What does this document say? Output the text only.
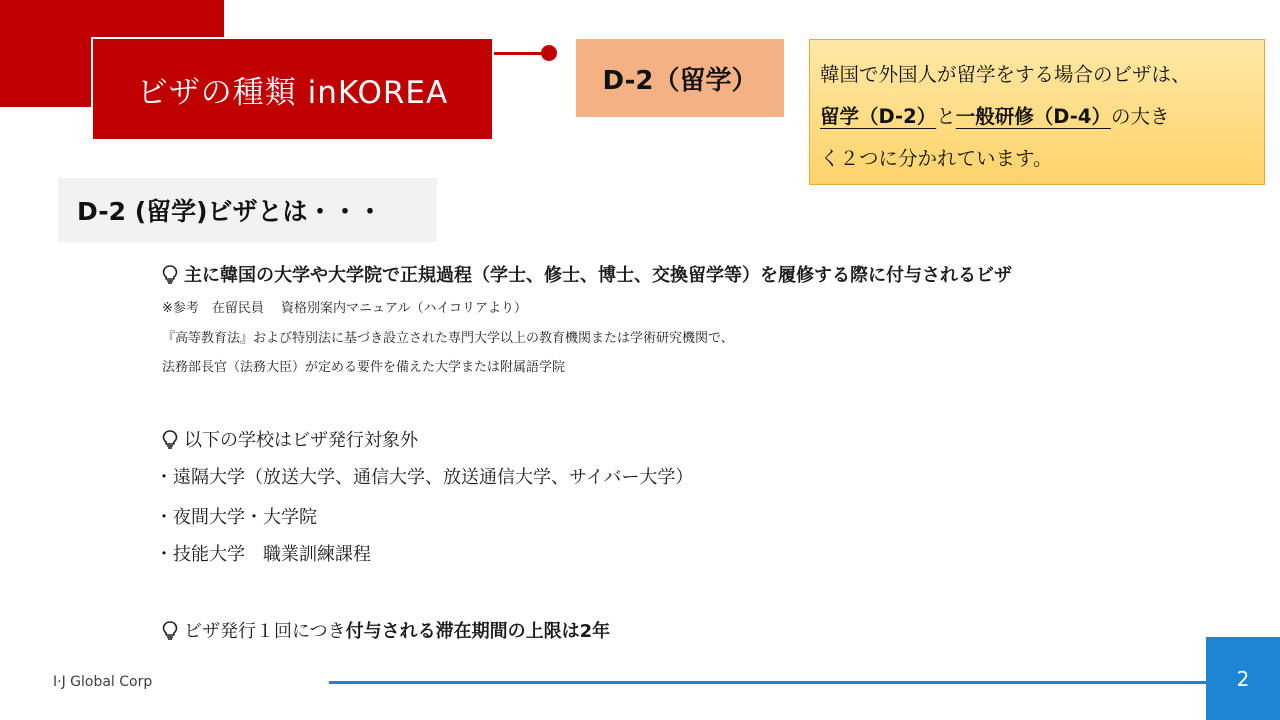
ビザの種類 inKOREA	D-2（留学）	韓国で外国人が留学をする場合のビザは、
留学（D-2）と一般研修（D-4）の大き
く２つに分かれています。
D-2 (留学)ビザとは・・・
主に韓国の大学や大学院で正規過程（学士、修士、博士、交換留学等）を履修する際に付与されるビザ
※参考　在留民員　 資格別案内マニュアル（ハイコリアより）
『高等教育法』および特別法に基づき設立された専門大学以上の教育機関または学術研究機関で、
法務部長官（法務大臣）が定める要件を備えた大学または附属語学院
以下の学校はビザ発行対象外
・遠隔大学（放送大学、通信大学、放送通信大学、サイバー大学）
・夜間大学・大学院
・技能大学　職業訓練課程
ビザ発行１回につき付与される滞在期間の上限は2年
I·J Global Corp	2
